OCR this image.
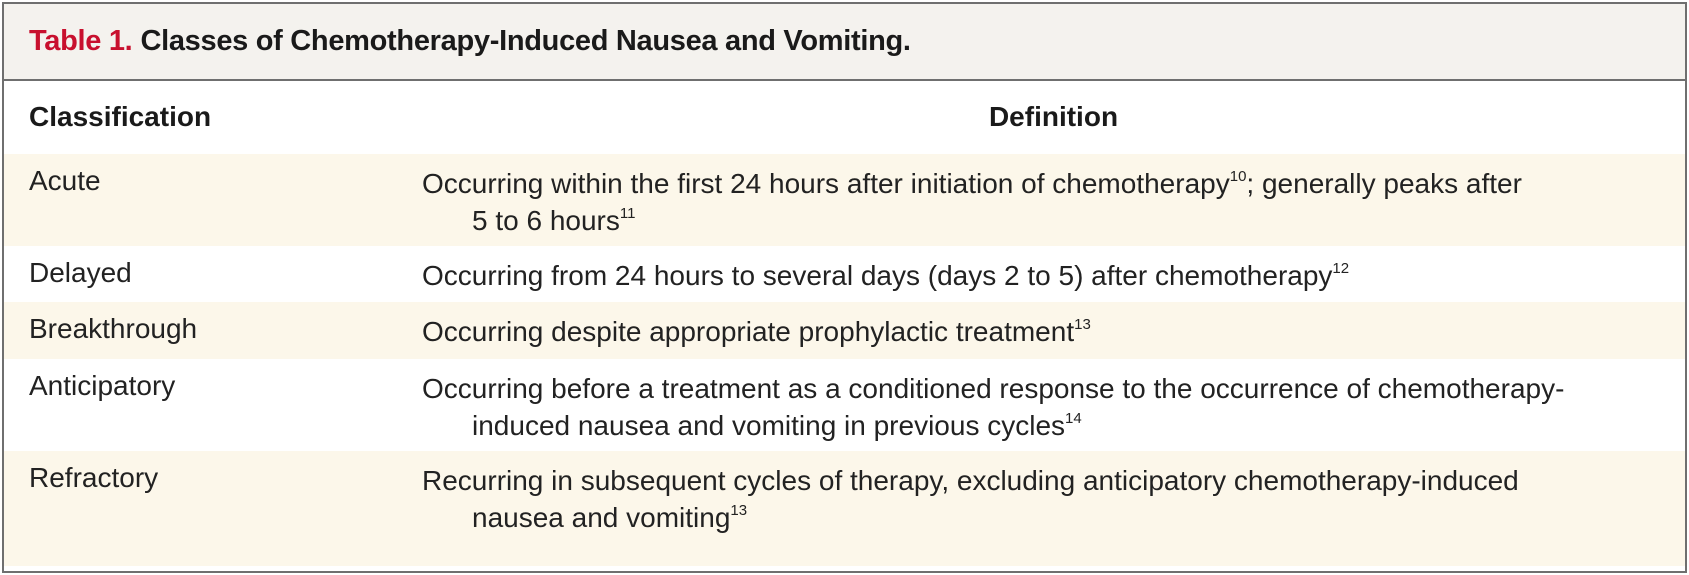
Table 1. Classes of Chemotherapy-Induced Nausea and Vomiting.
Classification	Definition
Acute	Occurring within the first 24 hours after initiation of chemotherapy$^{10}$; generally peaks after
5 to 6 hours$^{11}$
Delayed	Occurring from 24 hours to several days (days 2 to 5) after chemotherapy$^{12}$
Breakthrough	Occurring despite appropriate prophylactic treatment$^{13}$
Anticipatory	Occurring before a treatment as a conditioned response to the occurrence of chemotherapy-
induced nausea and vomiting in previous cycles$^{14}$
Refractory	Recurring in subsequent cycles of therapy, excluding anticipatory chemotherapy-induced
nausea and vomiting$^{13}$
